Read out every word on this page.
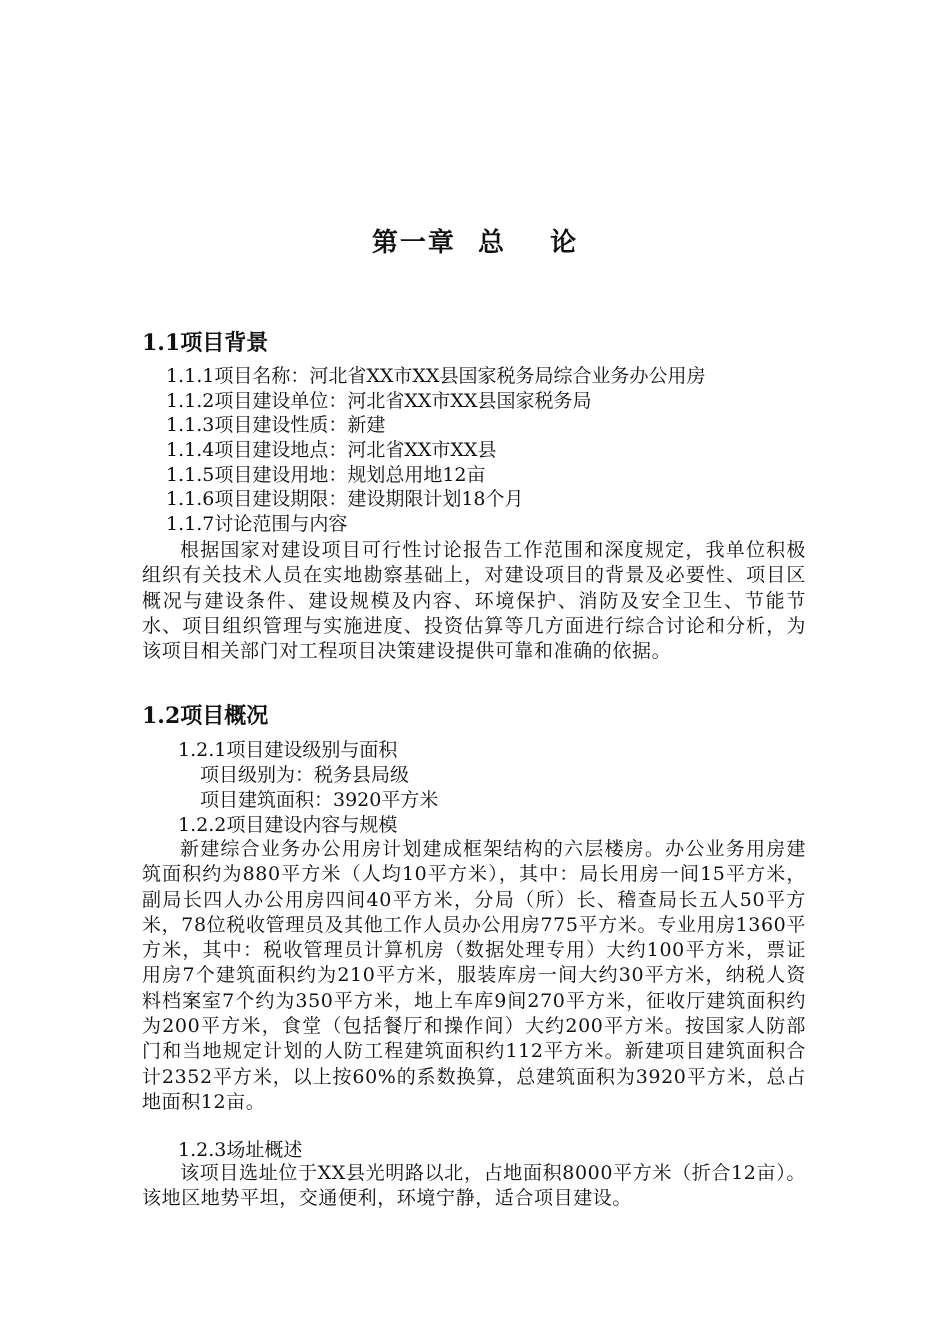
第一章  总    论
1.1项目背景
1.1.1项目名称：河北省XX市XX县国家税务局综合业务办公用房
1.1.2项目建设单位：河北省XX市XX县国家税务局
1.1.3项目建设性质：新建
1.1.4项目建设地点：河北省XX市XX县
1.1.5项目建设用地：规划总用地12亩
1.1.6项目建设期限：建设期限计划18个月
1.1.7讨论范围与内容
根据国家对建设项目可行性讨论报告工作范围和深度规定，我单位积极组织有关技术人员在实地勘察基础上，对建设项目的背景及必要性、项目区概况与建设条件、建设规模及内容、环境保护、消防及安全卫生、节能节水、项目组织管理与实施进度、投资估算等几方面进行综合讨论和分析，为该项目相关部门对工程项目决策建设提供可靠和准确的依据。
1.2项目概况
1.2.1项目建设级别与面积
项目级别为：税务县局级
项目建筑面积：3920平方米
1.2.2项目建设内容与规模
新建综合业务办公用房计划建成框架结构的六层楼房。办公业务用房建筑面积约为880平方米（人均10平方米），其中：局长用房一间15平方米，副局长四人办公用房四间40平方米，分局（所）长、稽查局长五人50平方米，78位税收管理员及其他工作人员办公用房775平方米。专业用房1360平方米，其中：税收管理员计算机房（数据处理专用）大约100平方米，票证用房7个建筑面积约为210平方米，服装库房一间大约30平方米，纳税人资料档案室7个约为350平方米，地上车库9间270平方米，征收厅建筑面积约为200平方米，食堂（包括餐厅和操作间）大约200平方米。按国家人防部门和当地规定计划的人防工程建筑面积约112平方米。新建项目建筑面积合计2352平方米，以上按60%的系数换算，总建筑面积为3920平方米，总占地面积12亩。
1.2.3场址概述
该项目选址位于XX县光明路以北，占地面积8000平方米（折合12亩）。该地区地势平坦，交通便利，环境宁静，适合项目建设。
